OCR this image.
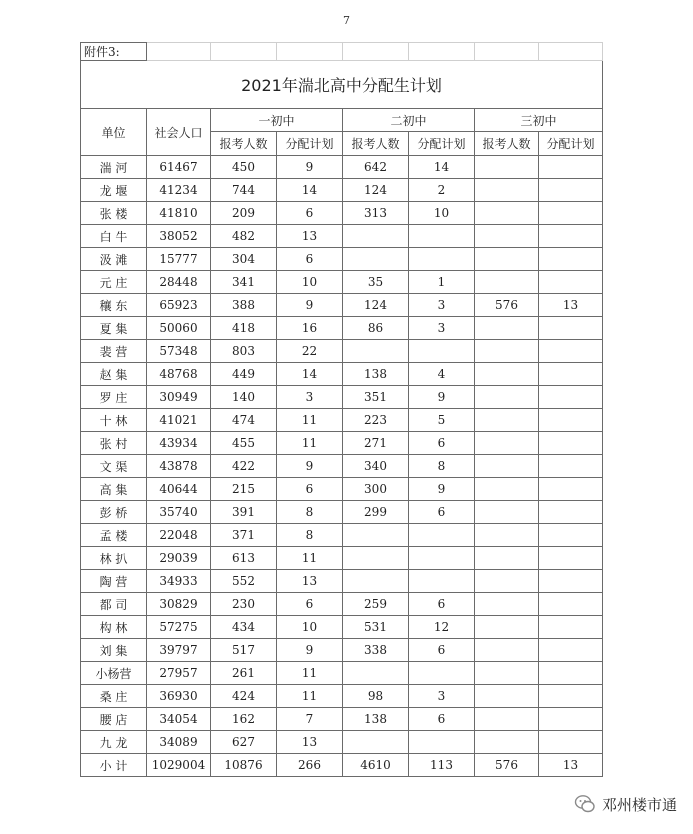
7
附件3:							
2021年湍北高中分配生计划							
单位	社会人口	一初中		二初中		三初中	
		报考人数	分配计划	报考人数	分配计划	报考人数	分配计划
湍 河	61467	450	9	642	14		
龙 堰	41234	744	14	124	2		
张 楼	41810	209	6	313	10		
白 牛	38052	482	13				
汲 滩	15777	304	6				
元 庄	28448	341	10	35	1		
穰 东	65923	388	9	124	3	576	13
夏 集	50060	418	16	86	3		
裴 营	57348	803	22				
赵 集	48768	449	14	138	4		
罗 庄	30949	140	3	351	9		
十 林	41021	474	11	223	5		
张 村	43934	455	11	271	6		
文 渠	43878	422	9	340	8		
高 集	40644	215	6	300	9		
彭 桥	35740	391	8	299	6		
孟 楼	22048	371	8				
林 扒	29039	613	11				
陶 营	34933	552	13				
都 司	30829	230	6	259	6		
构 林	57275	434	10	531	12		
刘 集	39797	517	9	338	6		
小杨营	27957	261	11				
桑 庄	36930	424	11	98	3		
腰 店	34054	162	7	138	6		
九 龙	34089	627	13				
小 计	1029004	10876	266	4610	113	576	13
邓州楼市通
